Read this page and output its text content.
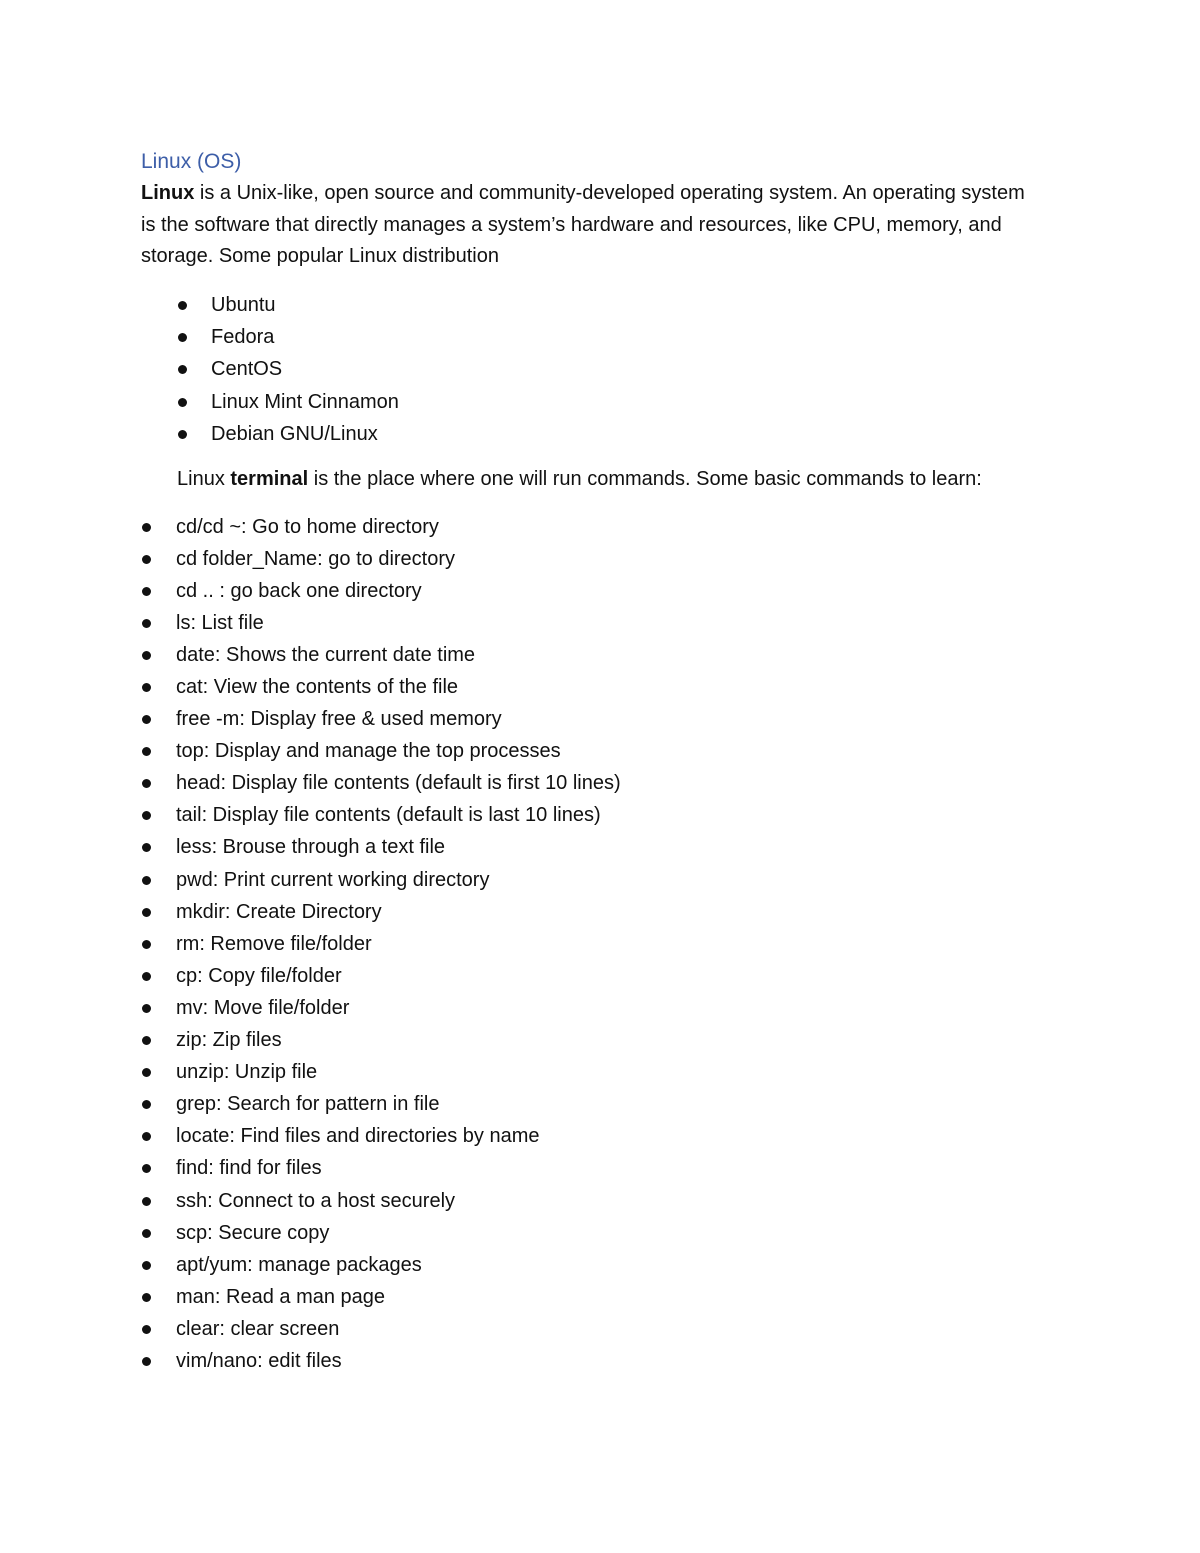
Linux (OS)

Linux is a Unix-like, open source and community-developed operating system. An operating system is the software that directly manages a system’s hardware and resources, like CPU, memory, and storage. Some popular Linux distribution

Ubuntu
Fedora
CentOS
Linux Mint Cinnamon
Debian GNU/Linux

Linux terminal is the place where one will run commands. Some basic commands to learn:

cd/cd ~: Go to home directory
cd folder_Name: go to directory
cd .. : go back one directory
ls: List file
date: Shows the current date time
cat: View the contents of the file
free -m: Display free & used memory
top: Display and manage the top processes
head: Display file contents (default is first 10 lines)
tail: Display file contents (default is last 10 lines)
less: Brouse through a text file
pwd: Print current working directory
mkdir: Create Directory
rm: Remove file/folder
cp: Copy file/folder
mv: Move file/folder
zip: Zip files
unzip: Unzip file
grep: Search for pattern in file
locate: Find files and directories by name
find: find for files
ssh: Connect to a host securely
scp: Secure copy
apt/yum: manage packages
man: Read a man page
clear: clear screen
vim/nano: edit files
